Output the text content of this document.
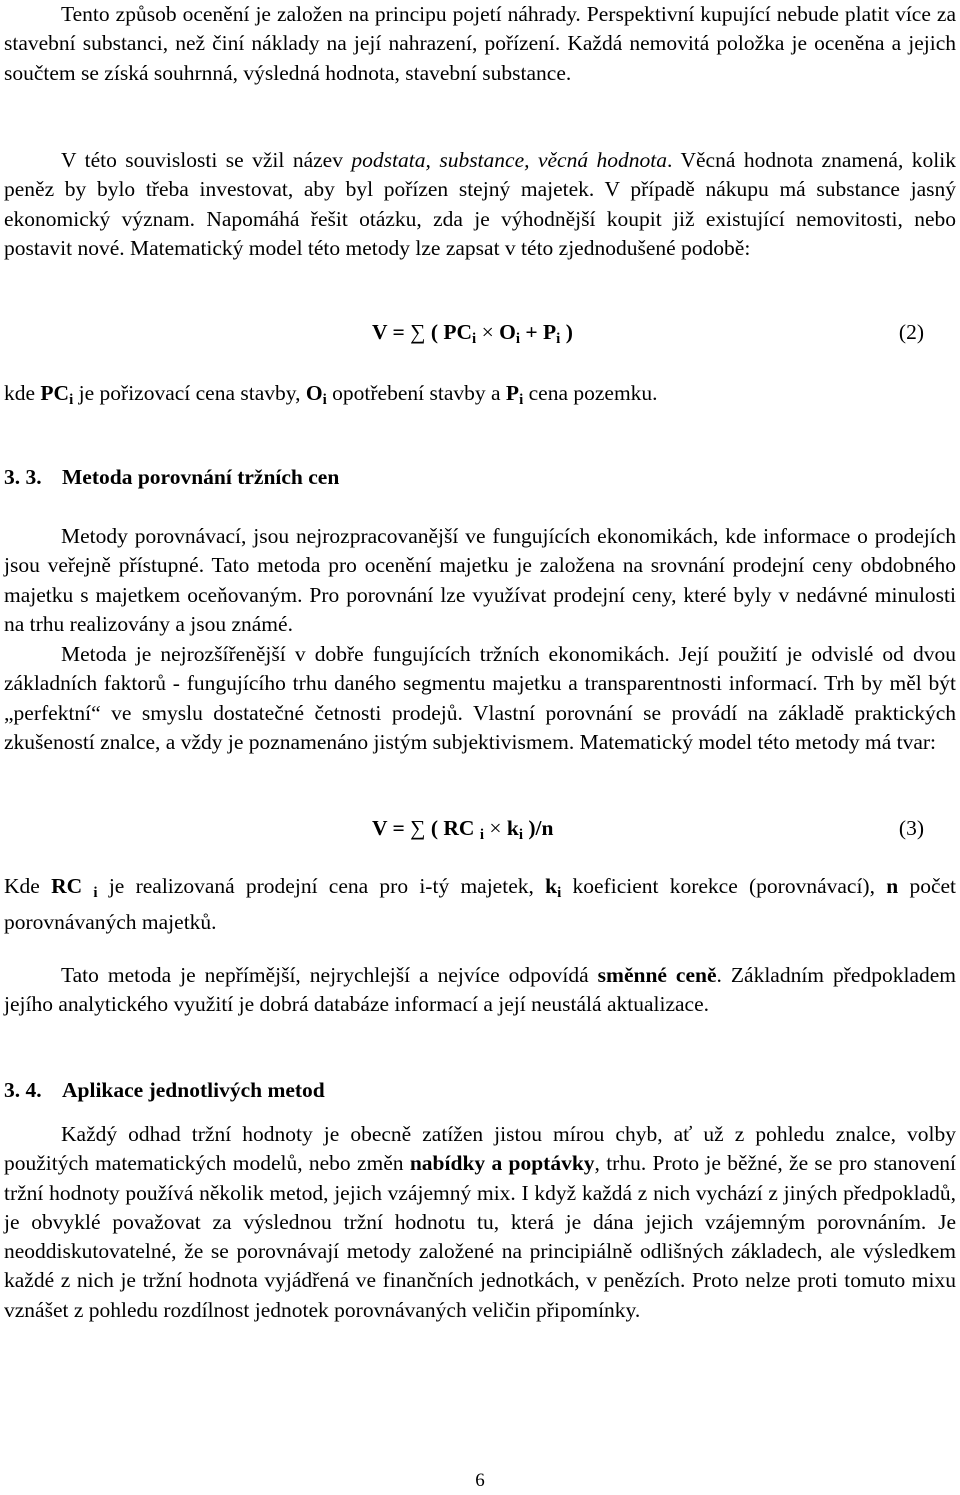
Tento způsob ocenění je založen na principu pojetí náhrady. Perspektivní kupující nebude platit více za stavební substanci, než činí náklady na její nahrazení, pořízení. Každá nemovitá položka je oceněna a jejich součtem se získá souhrnná, výsledná hodnota, stavební substance.

V této souvislosti se vžil název podstata, substance, věcná hodnota. Věcná hodnota znamená, kolik peněz by bylo třeba investovat, aby byl pořízen stejný majetek. V případě nákupu má substance jasný ekonomický význam. Napomáhá řešit otázku, zda je výhodnější koupit již existující nemovitosti, nebo postavit nové. Matematický model této metody lze zapsat v této zjednodušené podobě:

V = ∑ ( $PC_i \times O_i + P_i$ )	(2)

kde $PC_i$ je pořizovací cena stavby, $O_i$ opotřebení stavby a $P_i$ cena pozemku.

3. 3. Metoda porovnání tržních cen

Metody porovnávací, jsou nejrozpracovanější ve fungujících ekonomikách, kde informace o prodejích jsou veřejně přístupné. Tato metoda pro ocenění majetku je založena na srovnání prodejní ceny obdobného majetku s majetkem oceňovaným. Pro porovnání lze využívat prodejní ceny, které byly v nedávné minulosti na trhu realizovány a jsou známé.

Metoda je nejrozšířenější v dobře fungujících tržních ekonomikách. Její použití je odvislé od dvou základních faktorů - fungujícího trhu daného segmentu majetku a transparentnosti informací. Trh by měl být „perfektní“ ve smyslu dostatečné četnosti prodejů. Vlastní porovnání se provádí na základě praktických zkušeností znalce, a vždy je poznamenáno jistým subjektivismem. Matematický model této metody má tvar:

V = ∑ ( RC $_i \times k_i$ )/n	(3)

Kde RC $_i$ je realizovaná prodejní cena pro i-tý majetek, $k_i$ koeficient korekce (porovnávací), n počet porovnávaných majetků.

Tato metoda je nepřímější, nejrychlejší a nejvíce odpovídá směnné ceně. Základním předpokladem jejího analytického využití je dobrá databáze informací a její neustálá aktualizace.

3. 4. Aplikace jednotlivých metod

Každý odhad tržní hodnoty je obecně zatížen jistou mírou chyb, ať už z pohledu znalce, volby použitých matematických modelů, nebo změn nabídky a poptávky, trhu. Proto je běžné, že se pro stanovení tržní hodnoty používá několik metod, jejich vzájemný mix. I když každá z nich vychází z jiných předpokladů, je obvyklé považovat za výslednou tržní hodnotu tu, která je dána jejich vzájemným porovnáním. Je neoddiskutovatelné, že se porovnávají metody založené na principiálně odlišných základech, ale výsledkem každé z nich je tržní hodnota vyjádřená ve finančních jednotkách, v penězích. Proto nelze proti tomuto mixu vznášet z pohledu rozdílnost jednotek porovnávaných veličin připomínky.

6
